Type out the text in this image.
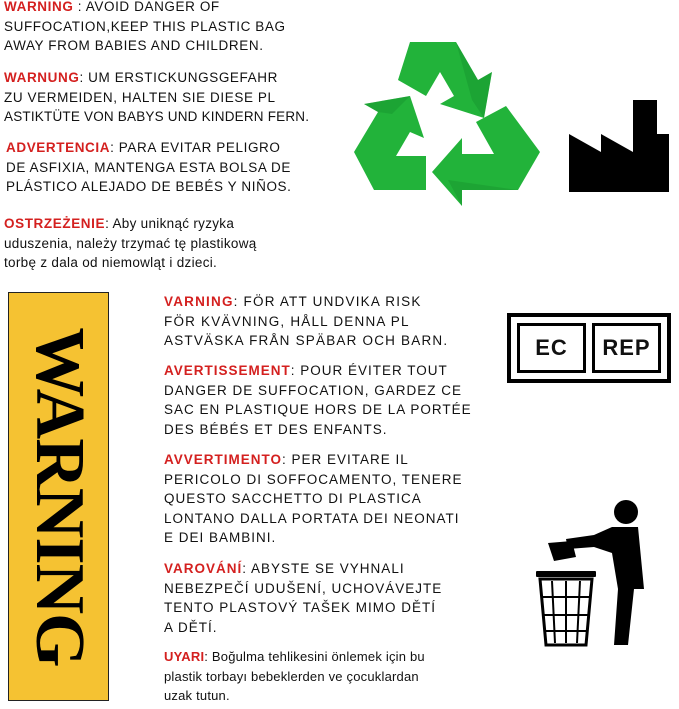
WARNING : AVOID DANGER OF
SUFFOCATION,KEEP THIS PLASTIC BAG
AWAY FROM BABIES AND CHILDREN.
WARNUNG: UM ERSTICKUNGSGEFAHR
ZU VERMEIDEN, HALTEN SIE DIESE PL
ASTIKTÜTE VON BABYS UND KINDERN FERN.
ADVERTENCIA: PARA EVITAR PELIGRO
DE ASFIXIA, MANTENGA ESTA BOLSA DE
PLÁSTICO ALEJADO DE BEBÉS Y NIÑOS.
OSTRZEŻENIE: Aby uniknąć ryzyka
uduszenia, należy trzymać tę plastikową
torbę z dala od niemowląt i dzieci.
VARNING: FÖR ATT UNDVIKA RISK
FÖR KVÄVNING, HÅLL DENNA PL
ASTVÄSKA FRÅN SPÄBAR OCH BARN.
AVERTISSEMENT: POUR ÉVITER TOUT
DANGER DE SUFFOCATION, GARDEZ CE
SAC EN PLASTIQUE HORS DE LA PORTÉE
DES BÉBÉS ET DES ENFANTS.
AVVERTIMENTO: PER EVITARE IL
PERICOLO DI SOFFOCAMENTO, TENERE
QUESTO SACCHETTO DI PLASTICA
LONTANO DALLA PORTATA DEI NEONATI
E DEI BAMBINI.
VAROVÁNÍ: ABYSTE SE VYHNALI
NEBEZPEČÍ UDUŠENÍ, UCHOVÁVEJTE
TENTO PLASTOVÝ TAŠEK MIMO DĚTÍ
A DĚTÍ.
UYARI: Boğulma tehlikesini önlemek için bu
plastik torbayı bebeklerden ve çocuklardan
uzak tutun.
WARNING	EC	REP
